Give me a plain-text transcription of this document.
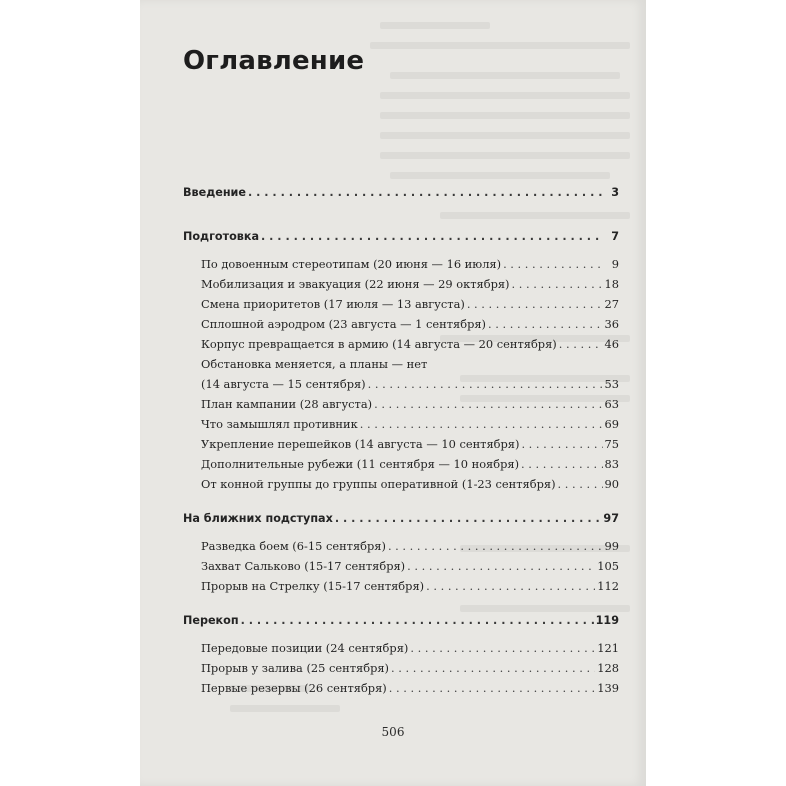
Оглавление
Введение . . .	3
Подготовка . . .	7
По довоенным стереотипам (20 июня — 16 июля) . . .	9
Мобилизация и эвакуация (22 июня — 29 октября) . . .	18
Смена приоритетов (17 июля — 13 августа) . . .	27
Сплошной аэродром (23 августа — 1 сентября) . . .	36
Корпус превращается в армию (14 августа — 20 сентября) . . .	46
Обстановка меняется, а планы — нет
(14 августа — 15 сентября) . . .	53
План кампании (28 августа) . . .	63
Что замышлял противник . . .	69
Укрепление перешейков (14 августа — 10 сентября) . . .	75
Дополнительные рубежи (11 сентября — 10 ноября) . . .	83
От конной группы до группы оперативной (1-23 сентября) . . .	90
На ближних подступах . . .	97
Разведка боем (6-15 сентября) . . .	99
Захват Сальково (15-17 сентября) . . .	105
Прорыв на Стрелку (15-17 сентября) . . .	112
Перекоп . . .	119
Передовые позиции (24 сентября) . . .	121
Прорыв у залива (25 сентября) . . .	128
Первые резервы (26 сентября) . . .	139
506
